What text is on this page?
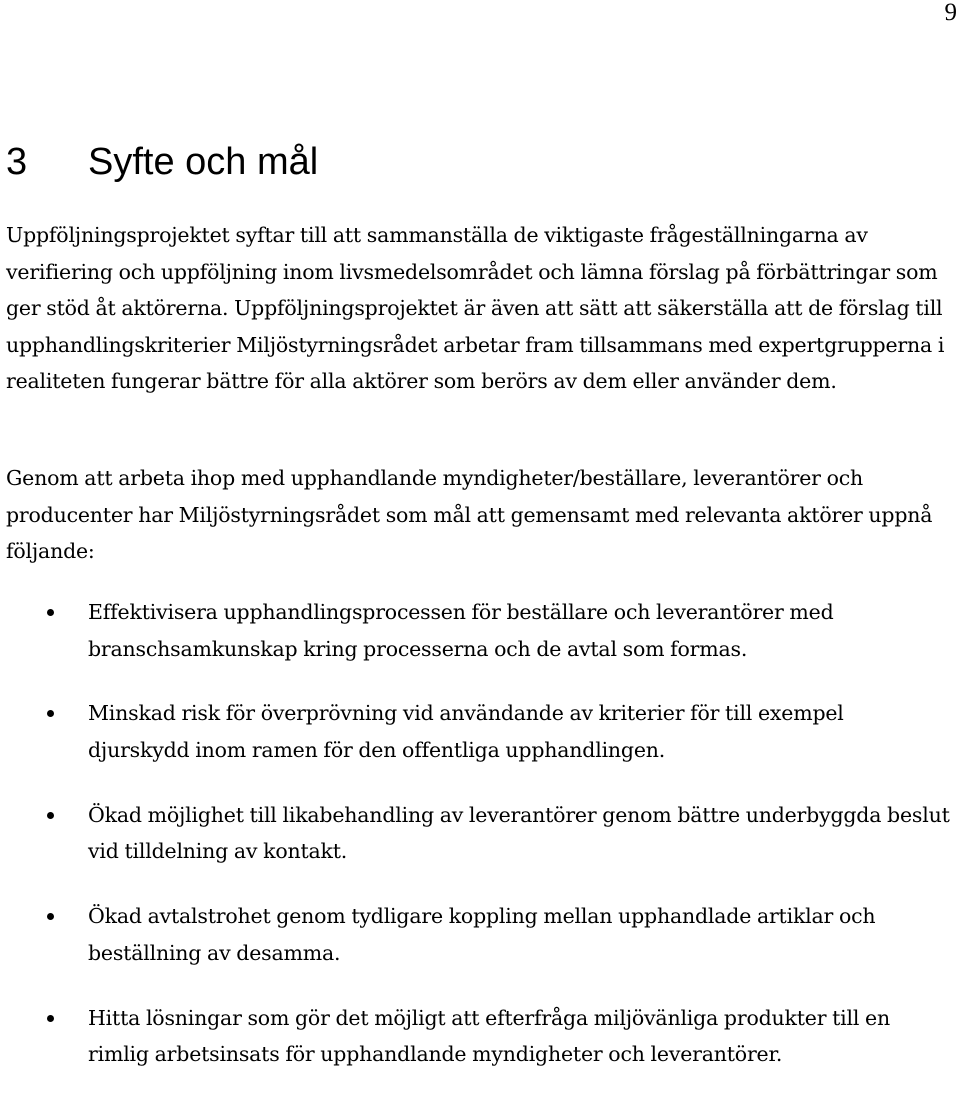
9
3 Syfte och mål

Uppföljningsprojektet syftar till att sammanställa de viktigaste frågeställningarna av verifiering och uppföljning inom livsmedelsområdet och lämna förslag på förbättringar som ger stöd åt aktörerna. Uppföljningsprojektet är även att sätt att säkerställa att de förslag till upphandlingskriterier Miljöstyrningsrådet arbetar fram tillsammans med expertgrupperna i realiteten fungerar bättre för alla aktörer som berörs av dem eller använder dem.

Genom att arbeta ihop med upphandlande myndigheter/beställare, leverantörer och producenter har Miljöstyrningsrådet som mål att gemensamt med relevanta aktörer uppnå följande:

Effektivisera upphandlingsprocessen för beställare och leverantörer med branschsamkunskap kring processerna och de avtal som formas.
Minskad risk för överprövning vid användande av kriterier för till exempel djurskydd inom ramen för den offentliga upphandlingen.
Ökad möjlighet till likabehandling av leverantörer genom bättre underbyggda beslut vid tilldelning av kontakt.
Ökad avtalstrohet genom tydligare koppling mellan upphandlade artiklar och beställning av desamma.
Hitta lösningar som gör det möjligt att efterfråga miljövänliga produkter till en rimlig arbetsinsats för upphandlande myndigheter och leverantörer.
